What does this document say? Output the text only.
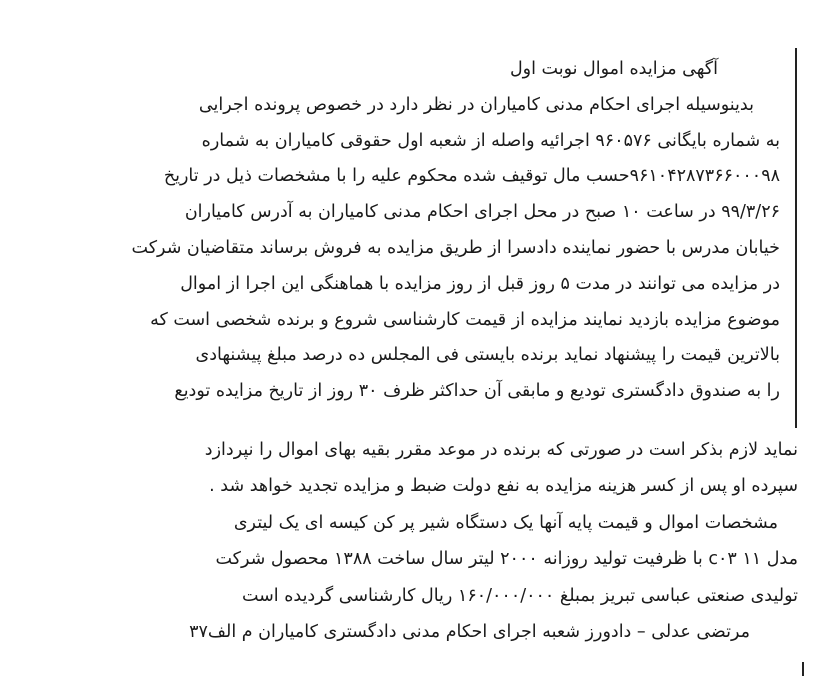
آگهی مزایده اموال نوبت اول
بدینوسیله اجرای احکام مدنی کامیاران در نظر دارد در خصوص پرونده اجرایی
به شماره بایگانی ۹۶۰۵۷۶ اجرائیه واصله از شعبه اول حقوقی کامیاران به شماره
۹۶۱۰۴۲۸۷۳۶۶۰۰۰۹۸حسب مال توقیف شده محکوم علیه را با مشخصات ذیل در تاریخ
۹۹/۳/۲۶ در ساعت ۱۰ صبح در محل اجرای احکام مدنی کامیاران به آدرس کامیاران
خیابان مدرس با حضور نماینده دادسرا از طریق مزایده به فروش برساند متقاضیان شرکت
در مزایده می توانند در مدت ۵ روز قبل از روز مزایده با هماهنگی این اجرا از اموال
موضوع مزایده بازدید نمایند مزایده از قیمت کارشناسی شروع و برنده شخصی است که
بالاترین قیمت را پیشنهاد نماید برنده بایستی فی المجلس ده درصد مبلغ پیشنهادی
را به صندوق دادگستری تودیع و مابقی آن حداکثر ظرف ۳۰ روز از تاریخ مزایده تودیع
نماید لازم بذکر است در صورتی که برنده در موعد مقرر بقیه بهای اموال را نپردازد
سپرده او پس از کسر هزینه مزایده به نفع دولت ضبط و مزایده تجدید خواهد شد .
مشخصات اموال و قیمت پایه آنها یک دستگاه شیر پر کن کیسه ای یک لیتری
مدل c۰۳ ۱۱ با ظرفیت تولید روزانه ۲۰۰۰ لیتر سال ساخت ۱۳۸۸ محصول شرکت
تولیدی صنعتی عباسی تبریز بمبلغ ۱۶۰/۰۰۰/۰۰۰ ریال کارشناسی گردیده است
مرتضی عدلی – دادورز شعبه اجرای احکام مدنی دادگستری کامیاران م الف۳۷
